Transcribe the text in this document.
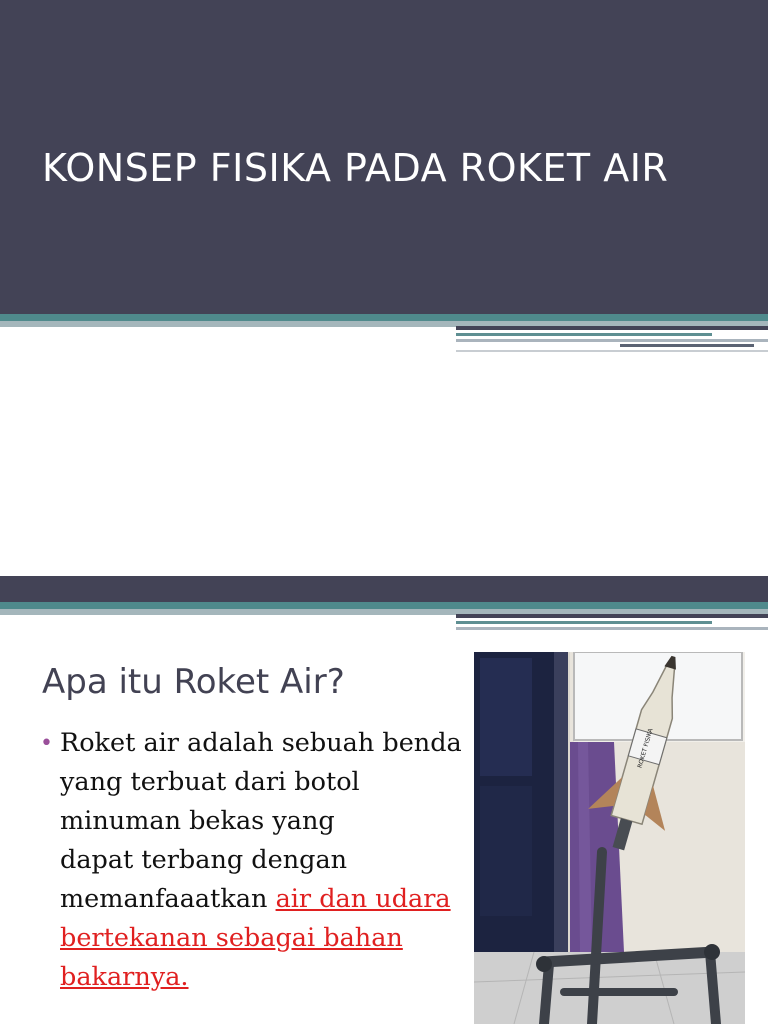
KONSEP FISIKA PADA ROKET AIR
Apa itu Roket Air?
• Roket air adalah sebuah benda
yang terbuat dari botol
minuman bekas yang
dapat terbang dengan
memanfaaatkan air dan udara
bertekanan sebagai bahan
bakarnya.
ROKET FISIKA
